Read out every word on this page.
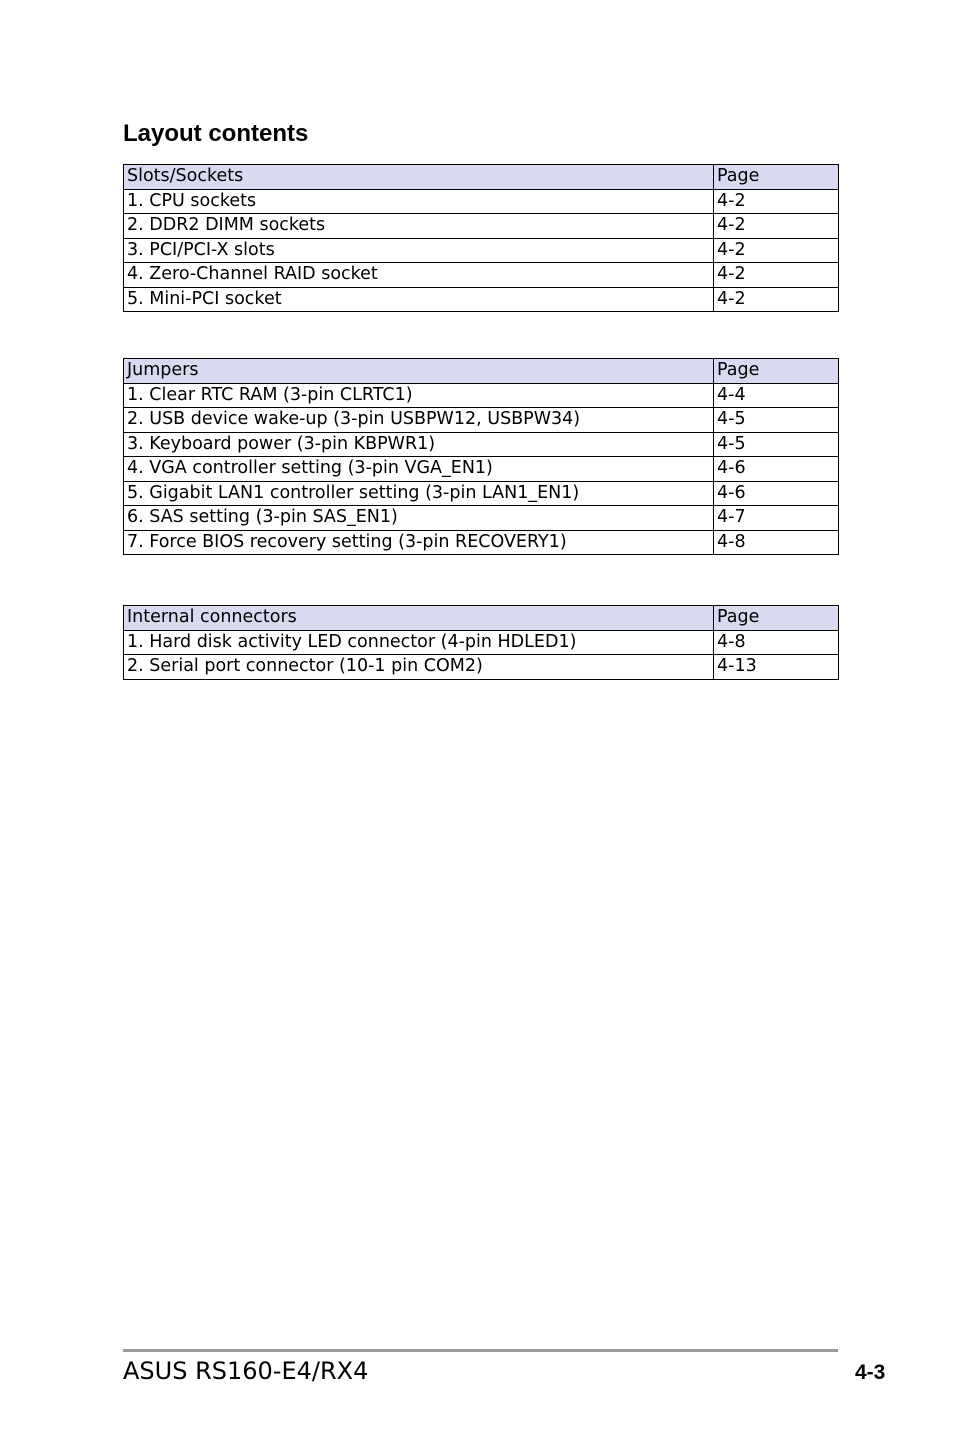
Layout contents
Slots/Sockets	Page
1. CPU sockets	4-2
2. DDR2 DIMM sockets	4-2
3. PCI/PCI-X slots	4-2
4. Zero-Channel RAID socket	4-2
5. Mini-PCI socket	4-2
Jumpers	Page
1. Clear RTC RAM (3-pin CLRTC1)	4-4
2. USB device wake-up (3-pin USBPW12, USBPW34)	4-5
3. Keyboard power (3-pin KBPWR1)	4-5
4. VGA controller setting (3-pin VGA_EN1)	4-6
5. Gigabit LAN1 controller setting (3-pin LAN1_EN1)	4-6
6. SAS setting (3-pin SAS_EN1)	4-7
7. Force BIOS recovery setting (3-pin RECOVERY1)	4-8
Internal connectors	Page
1. Hard disk activity LED connector (4-pin HDLED1)	4-8
2. Serial port connector (10-1 pin COM2)	4-13
ASUS RS160-E4/RX4	4-3
